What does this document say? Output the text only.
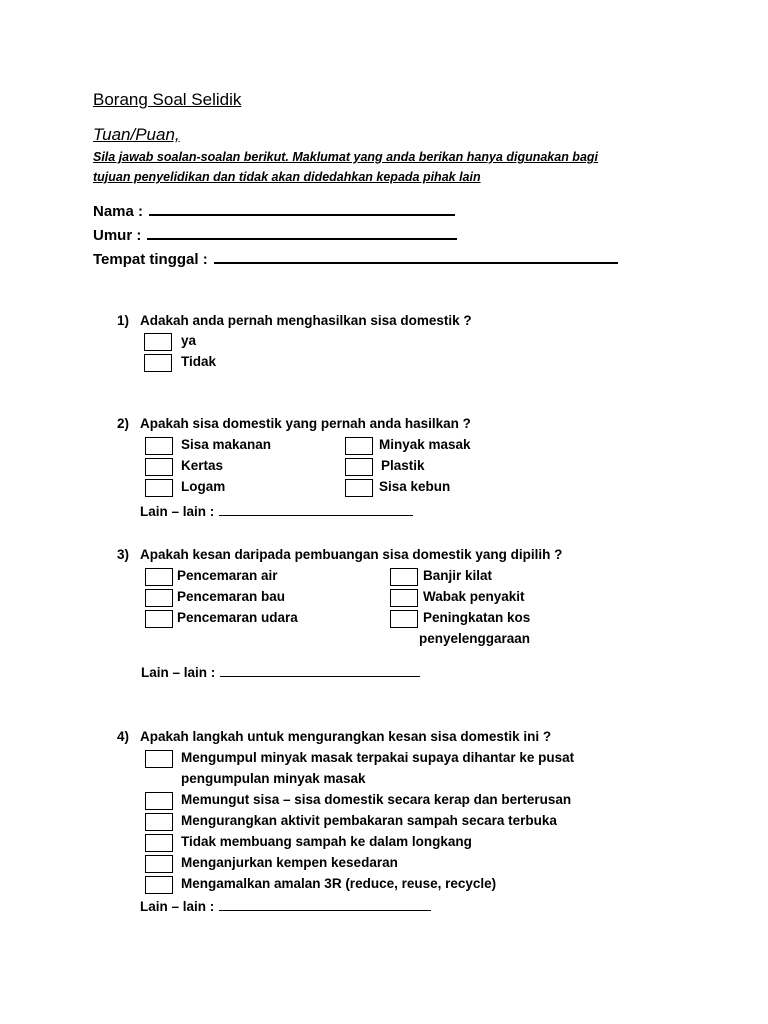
Borang Soal Selidik
Tuan/Puan,
Sila jawab soalan-soalan berikut. Maklumat yang anda berikan hanya digunakan bagi
tujuan penyelidikan dan tidak akan didedahkan kepada pihak lain
Nama :
Umur :
Tempat tinggal :
1) Adakah anda pernah menghasilkan sisa domestik ?
ya
Tidak
2) Apakah sisa domestik yang pernah anda hasilkan ?
Sisa makanan
Kertas
Logam
Minyak masak
Plastik
Sisa kebun
Lain – lain :
3) Apakah kesan daripada pembuangan sisa domestik yang dipilih ?
Pencemaran air
Pencemaran bau
Pencemaran udara
Banjir kilat
Wabak penyakit
Peningkatan kos
penyelenggaraan
Lain – lain :
4) Apakah langkah untuk mengurangkan kesan sisa domestik ini ?
Mengumpul minyak masak terpakai supaya dihantar ke pusat
pengumpulan minyak masak
Memungut sisa – sisa domestik secara kerap dan berterusan
Mengurangkan aktivit pembakaran sampah secara terbuka
Tidak membuang sampah ke dalam longkang
Menganjurkan kempen kesedaran
Mengamalkan amalan 3R (reduce, reuse, recycle)
Lain – lain :
